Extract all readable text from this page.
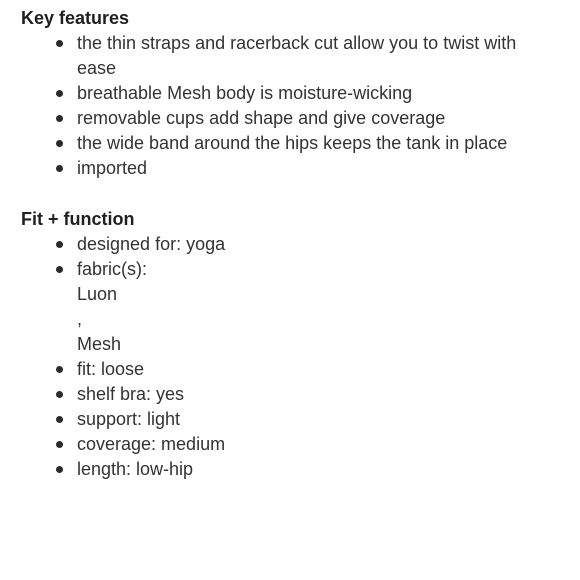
Key features
the thin straps and racerback cut allow you to twist with ease
breathable Mesh body is moisture-wicking
removable cups add shape and give coverage
the wide band around the hips keeps the tank in place
imported
Fit + function
designed for: yoga
fabric(s):
Luon
,
Mesh
fit: loose
shelf bra: yes
support: light
coverage: medium
length: low-hip
